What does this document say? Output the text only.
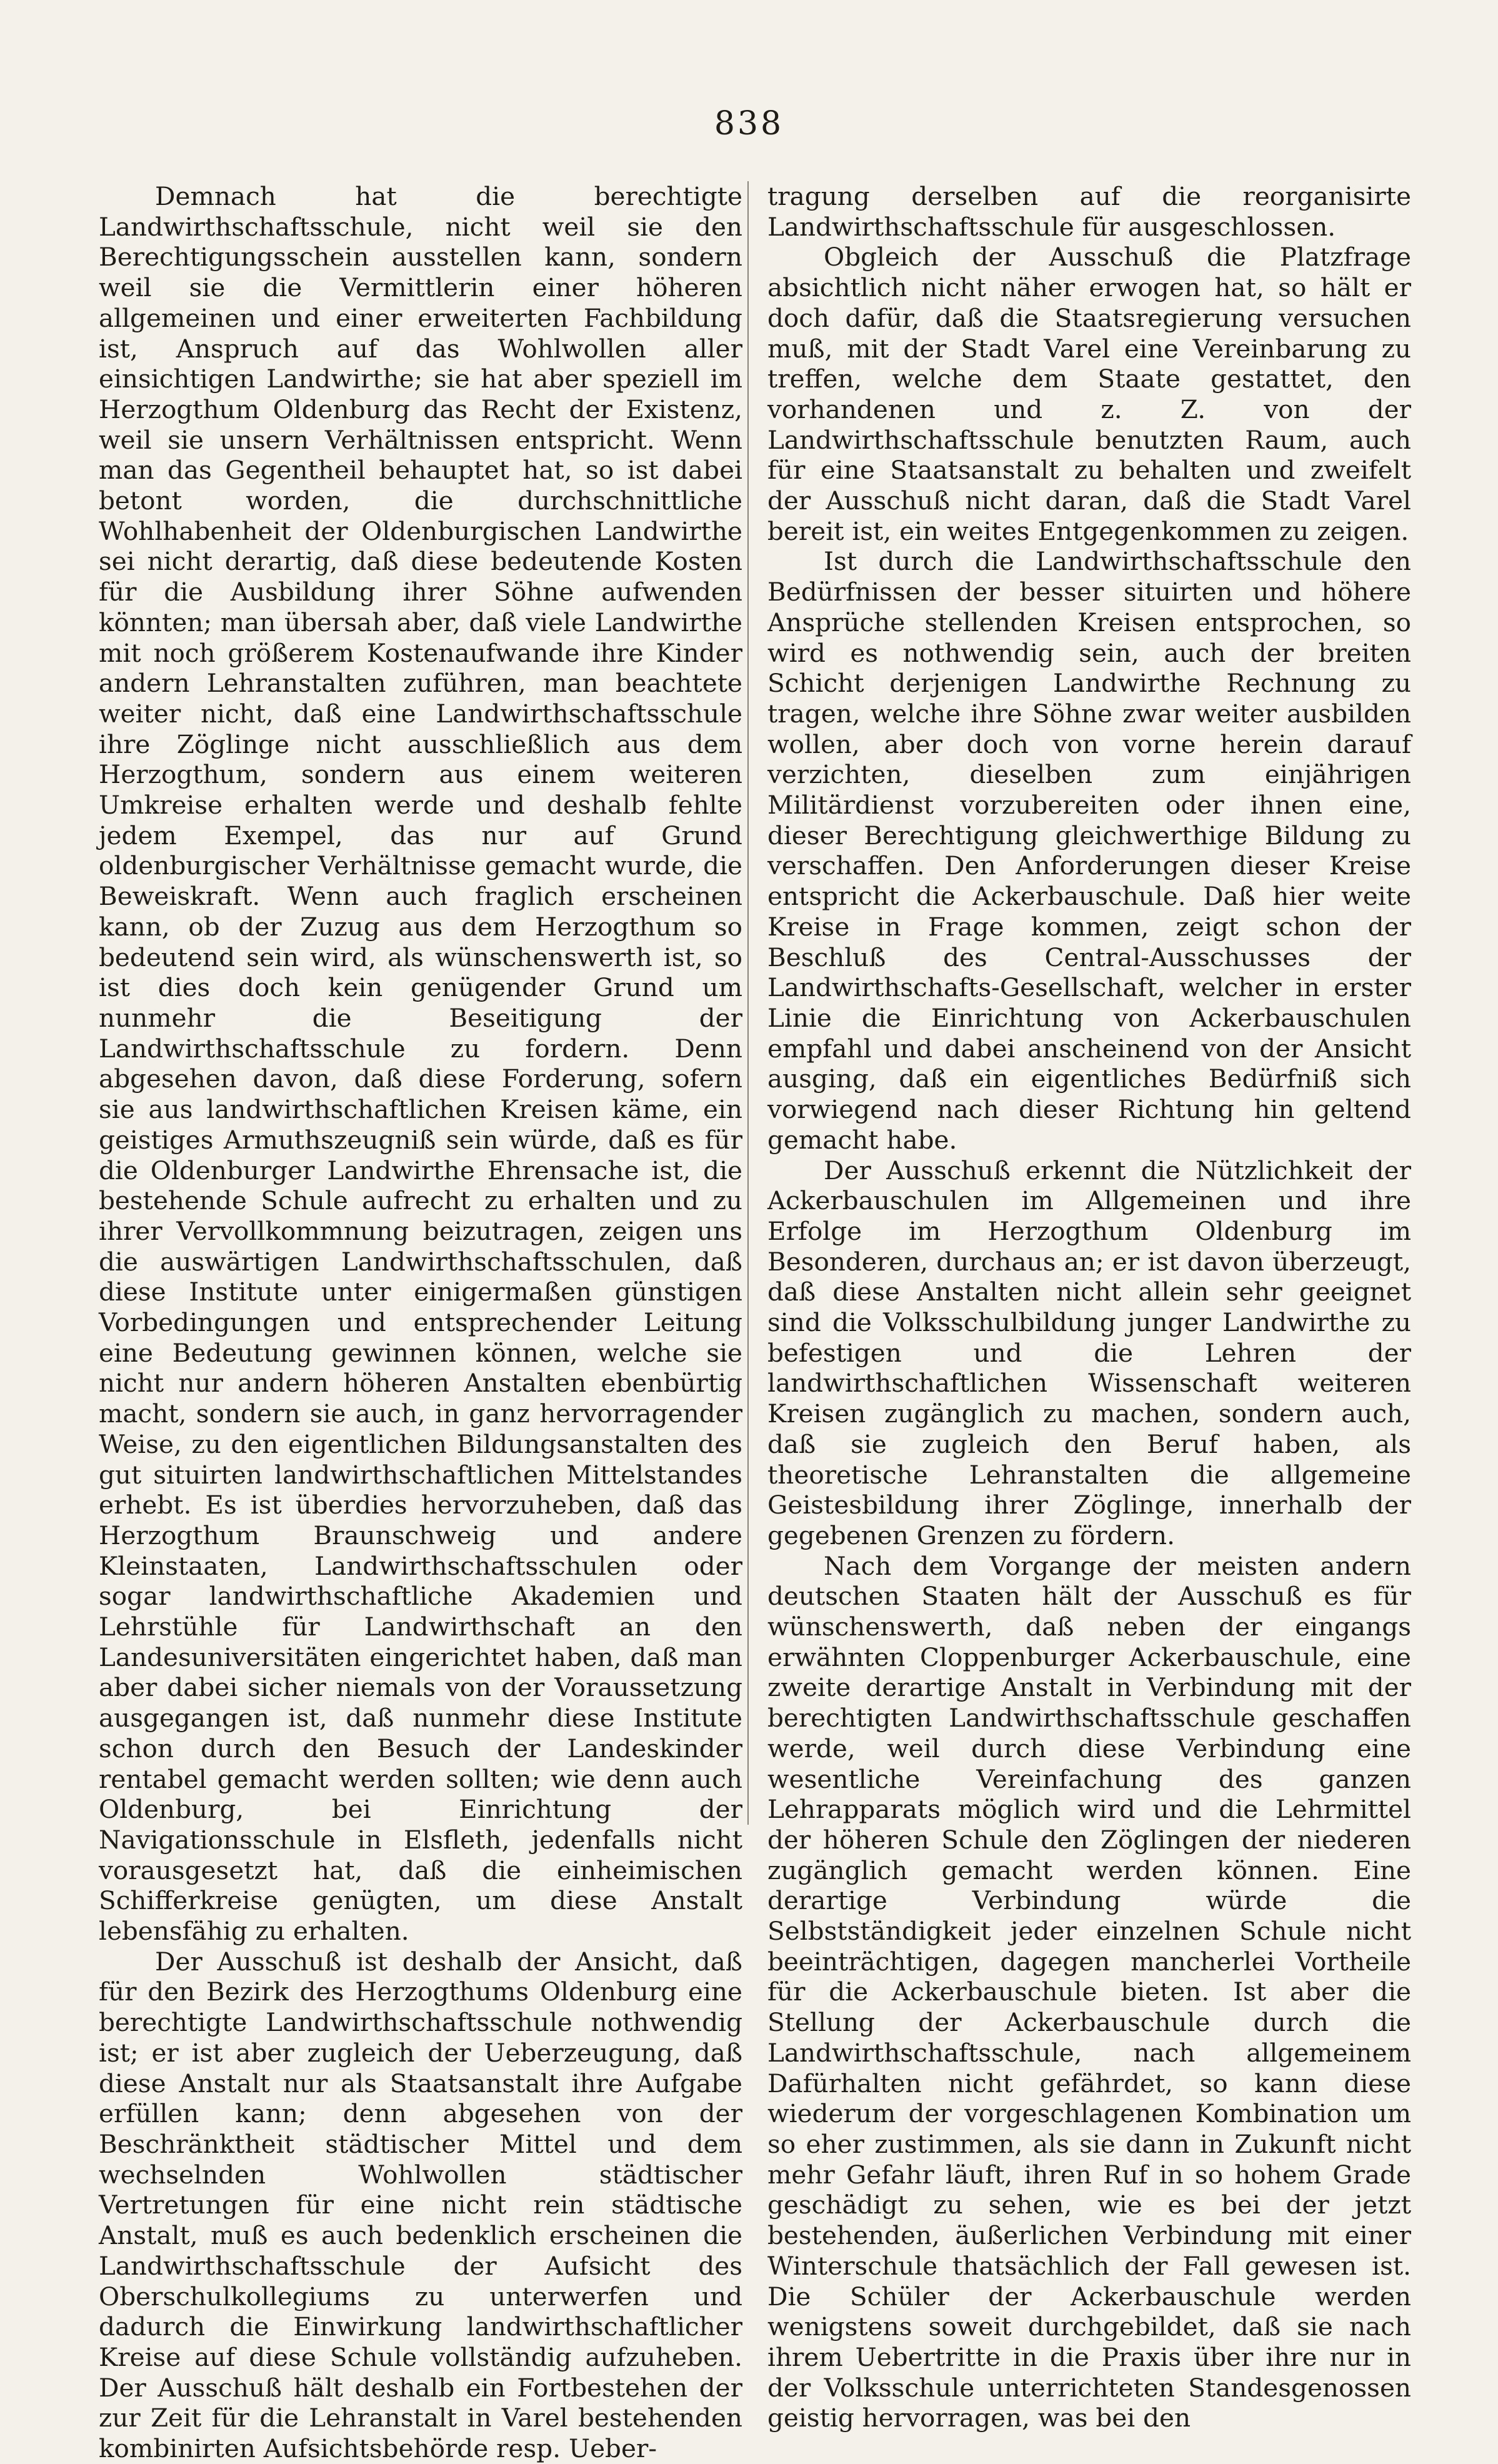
838

Demnach hat die berechtigte Landwirthschaftsschule, nicht weil sie den Berechtigungsschein ausstellen kann, sondern weil sie die Vermittlerin einer höheren allgemeinen und einer erweiterten Fachbildung ist, Anspruch auf das Wohlwollen aller einsichtigen Landwirthe; sie hat aber speziell im Herzogthum Oldenburg das Recht der Existenz, weil sie unsern Verhältnissen entspricht. Wenn man das Gegentheil behauptet hat, so ist dabei betont worden, die durchschnittliche Wohlhabenheit der Oldenburgischen Landwirthe sei nicht derartig, daß diese bedeutende Kosten für die Ausbildung ihrer Söhne aufwenden könnten; man übersah aber, daß viele Landwirthe mit noch größerem Kostenaufwande ihre Kinder andern Lehranstalten zuführen, man beachtete weiter nicht, daß eine Landwirthschaftsschule ihre Zöglinge nicht ausschließlich aus dem Herzogthum, sondern aus einem weiteren Umkreise erhalten werde und deshalb fehlte jedem Exempel, das nur auf Grund oldenburgischer Verhältnisse gemacht wurde, die Beweiskraft. Wenn auch fraglich erscheinen kann, ob der Zuzug aus dem Herzogthum so bedeutend sein wird, als wünschenswerth ist, so ist dies doch kein genügender Grund um nunmehr die Beseitigung der Landwirthschaftsschule zu fordern. Denn abgesehen davon, daß diese Forderung, sofern sie aus landwirthschaftlichen Kreisen käme, ein geistiges Armuthszeugniß sein würde, daß es für die Oldenburger Landwirthe Ehrensache ist, die bestehende Schule aufrecht zu erhalten und zu ihrer Vervollkommnung beizutragen, zeigen uns die auswärtigen Landwirthschaftsschulen, daß diese Institute unter einigermaßen günstigen Vorbedingungen und entsprechender Leitung eine Bedeutung gewinnen können, welche sie nicht nur andern höheren Anstalten ebenbürtig macht, sondern sie auch, in ganz hervorragender Weise, zu den eigentlichen Bildungsanstalten des gut situirten landwirthschaftlichen Mittelstandes erhebt. Es ist überdies hervorzuheben, daß das Herzogthum Braunschweig und andere Kleinstaaten, Landwirthschaftsschulen oder sogar landwirthschaftliche Akademien und Lehrstühle für Landwirthschaft an den Landesuniversitäten eingerichtet haben, daß man aber dabei sicher niemals von der Voraussetzung ausgegangen ist, daß nunmehr diese Institute schon durch den Besuch der Landeskinder rentabel gemacht werden sollten; wie denn auch Oldenburg, bei Einrichtung der Navigationsschule in Elsfleth, jedenfalls nicht vorausgesetzt hat, daß die einheimischen Schifferkreise genügten, um diese Anstalt lebensfähig zu erhalten.

Der Ausschuß ist deshalb der Ansicht, daß für den Bezirk des Herzogthums Oldenburg eine berechtigte Landwirthschaftsschule nothwendig ist; er ist aber zugleich der Ueberzeugung, daß diese Anstalt nur als Staatsanstalt ihre Aufgabe erfüllen kann; denn abgesehen von der Beschränktheit städtischer Mittel und dem wechselnden Wohlwollen städtischer Vertretungen für eine nicht rein städtische Anstalt, muß es auch bedenklich erscheinen die Landwirthschaftsschule der Aufsicht des Oberschulkollegiums zu unterwerfen und dadurch die Einwirkung landwirthschaftlicher Kreise auf diese Schule vollständig aufzuheben. Der Ausschuß hält deshalb ein Fortbestehen der zur Zeit für die Lehranstalt in Varel bestehenden kombinirten Aufsichtsbehörde resp. Ueber-

tragung derselben auf die reorganisirte Landwirthschaftsschule für ausgeschlossen.

Obgleich der Ausschuß die Platzfrage absichtlich nicht näher erwogen hat, so hält er doch dafür, daß die Staatsregierung versuchen muß, mit der Stadt Varel eine Vereinbarung zu treffen, welche dem Staate gestattet, den vorhandenen und z. Z. von der Landwirthschaftsschule benutzten Raum, auch für eine Staatsanstalt zu behalten und zweifelt der Ausschuß nicht daran, daß die Stadt Varel bereit ist, ein weites Entgegenkommen zu zeigen.

Ist durch die Landwirthschaftsschule den Bedürfnissen der besser situirten und höhere Ansprüche stellenden Kreisen entsprochen, so wird es nothwendig sein, auch der breiten Schicht derjenigen Landwirthe Rechnung zu tragen, welche ihre Söhne zwar weiter ausbilden wollen, aber doch von vorne herein darauf verzichten, dieselben zum einjährigen Militärdienst vorzubereiten oder ihnen eine, dieser Berechtigung gleichwerthige Bildung zu verschaffen. Den Anforderungen dieser Kreise entspricht die Ackerbauschule. Daß hier weite Kreise in Frage kommen, zeigt schon der Beschluß des Central-Ausschusses der Landwirthschafts-Gesellschaft, welcher in erster Linie die Einrichtung von Ackerbauschulen empfahl und dabei anscheinend von der Ansicht ausging, daß ein eigentliches Bedürfniß sich vorwiegend nach dieser Richtung hin geltend gemacht habe.

Der Ausschuß erkennt die Nützlichkeit der Ackerbauschulen im Allgemeinen und ihre Erfolge im Herzogthum Oldenburg im Besonderen, durchaus an; er ist davon überzeugt, daß diese Anstalten nicht allein sehr geeignet sind die Volksschulbildung junger Landwirthe zu befestigen und die Lehren der landwirthschaftlichen Wissenschaft weiteren Kreisen zugänglich zu machen, sondern auch, daß sie zugleich den Beruf haben, als theoretische Lehranstalten die allgemeine Geistesbildung ihrer Zöglinge, innerhalb der gegebenen Grenzen zu fördern.

Nach dem Vorgange der meisten andern deutschen Staaten hält der Ausschuß es für wünschenswerth, daß neben der eingangs erwähnten Cloppenburger Ackerbauschule, eine zweite derartige Anstalt in Verbindung mit der berechtigten Landwirthschaftsschule geschaffen werde, weil durch diese Verbindung eine wesentliche Vereinfachung des ganzen Lehrapparats möglich wird und die Lehrmittel der höheren Schule den Zöglingen der niederen zugänglich gemacht werden können. Eine derartige Verbindung würde die Selbstständigkeit jeder einzelnen Schule nicht beeinträchtigen, dagegen mancherlei Vortheile für die Ackerbauschule bieten. Ist aber die Stellung der Ackerbauschule durch die Landwirthschaftsschule, nach allgemeinem Dafürhalten nicht gefährdet, so kann diese wiederum der vorgeschlagenen Kombination um so eher zustimmen, als sie dann in Zukunft nicht mehr Gefahr läuft, ihren Ruf in so hohem Grade geschädigt zu sehen, wie es bei der jetzt bestehenden, äußerlichen Verbindung mit einer Winterschule thatsächlich der Fall gewesen ist. Die Schüler der Ackerbauschule werden wenigstens soweit durchgebildet, daß sie nach ihrem Uebertritte in die Praxis über ihre nur in der Volksschule unterrichteten Standesgenossen geistig hervorragen, was bei den
